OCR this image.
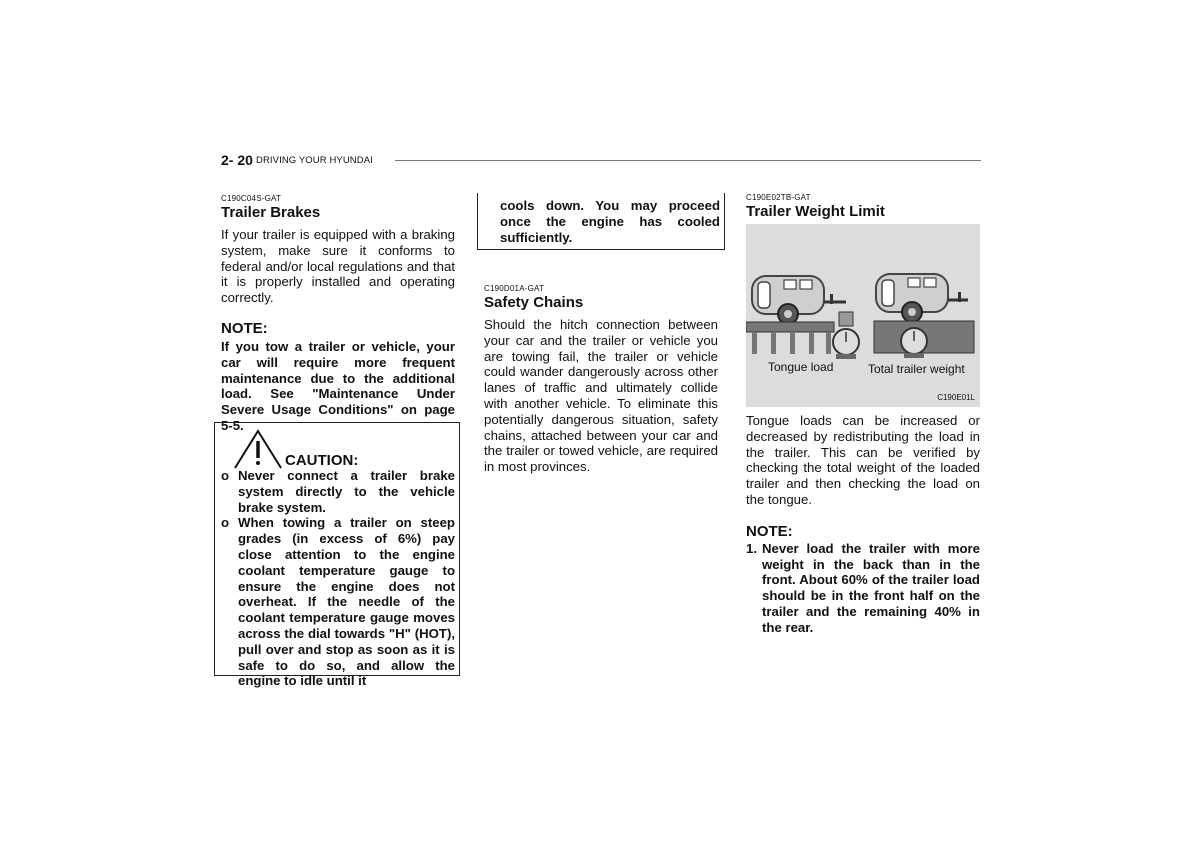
2- 20 DRIVING YOUR HYUNDAI
C190C04S-GAT
Trailer Brakes
If your trailer is equipped with a braking system, make sure it conforms to federal and/or local regulations and that it is properly installed and operating correctly.
NOTE:
If you tow a trailer or vehicle, your car will require more frequent maintenance due to the additional load. See "Maintenance Under Severe Usage Conditions" on page 5-5.
CAUTION:
o Never connect a trailer brake system directly to the vehicle brake system.
o When towing a trailer on steep grades (in excess of 6%) pay close attention to the engine coolant temperature gauge to ensure the engine does not overheat. If the needle of the coolant temperature gauge moves across the dial towards "H" (HOT), pull over and stop as soon as it is safe to do so, and allow the engine to idle until it
cools down. You may proceed once the engine has cooled sufficiently.
C190D01A-GAT
Safety Chains
Should the hitch connection between your car and the trailer or vehicle you are towing fail, the trailer or vehicle could wander dangerously across other lanes of traffic and ultimately collide with another vehicle. To eliminate this potentially dangerous situation, safety chains, attached between your car and the trailer or towed vehicle, are required in most provinces.
C190E02TB-GAT
Trailer Weight Limit
Tongue load	Total trailer weight
C190E01L
Tongue loads can be increased or decreased by redistributing the load in the trailer. This can be verified by checking the total weight of the loaded trailer and then checking the load on the tongue.
NOTE:
1. Never load the trailer with more weight in the back than in the front. About 60% of the trailer load should be in the front half on the trailer and the remaining 40% in the rear.
